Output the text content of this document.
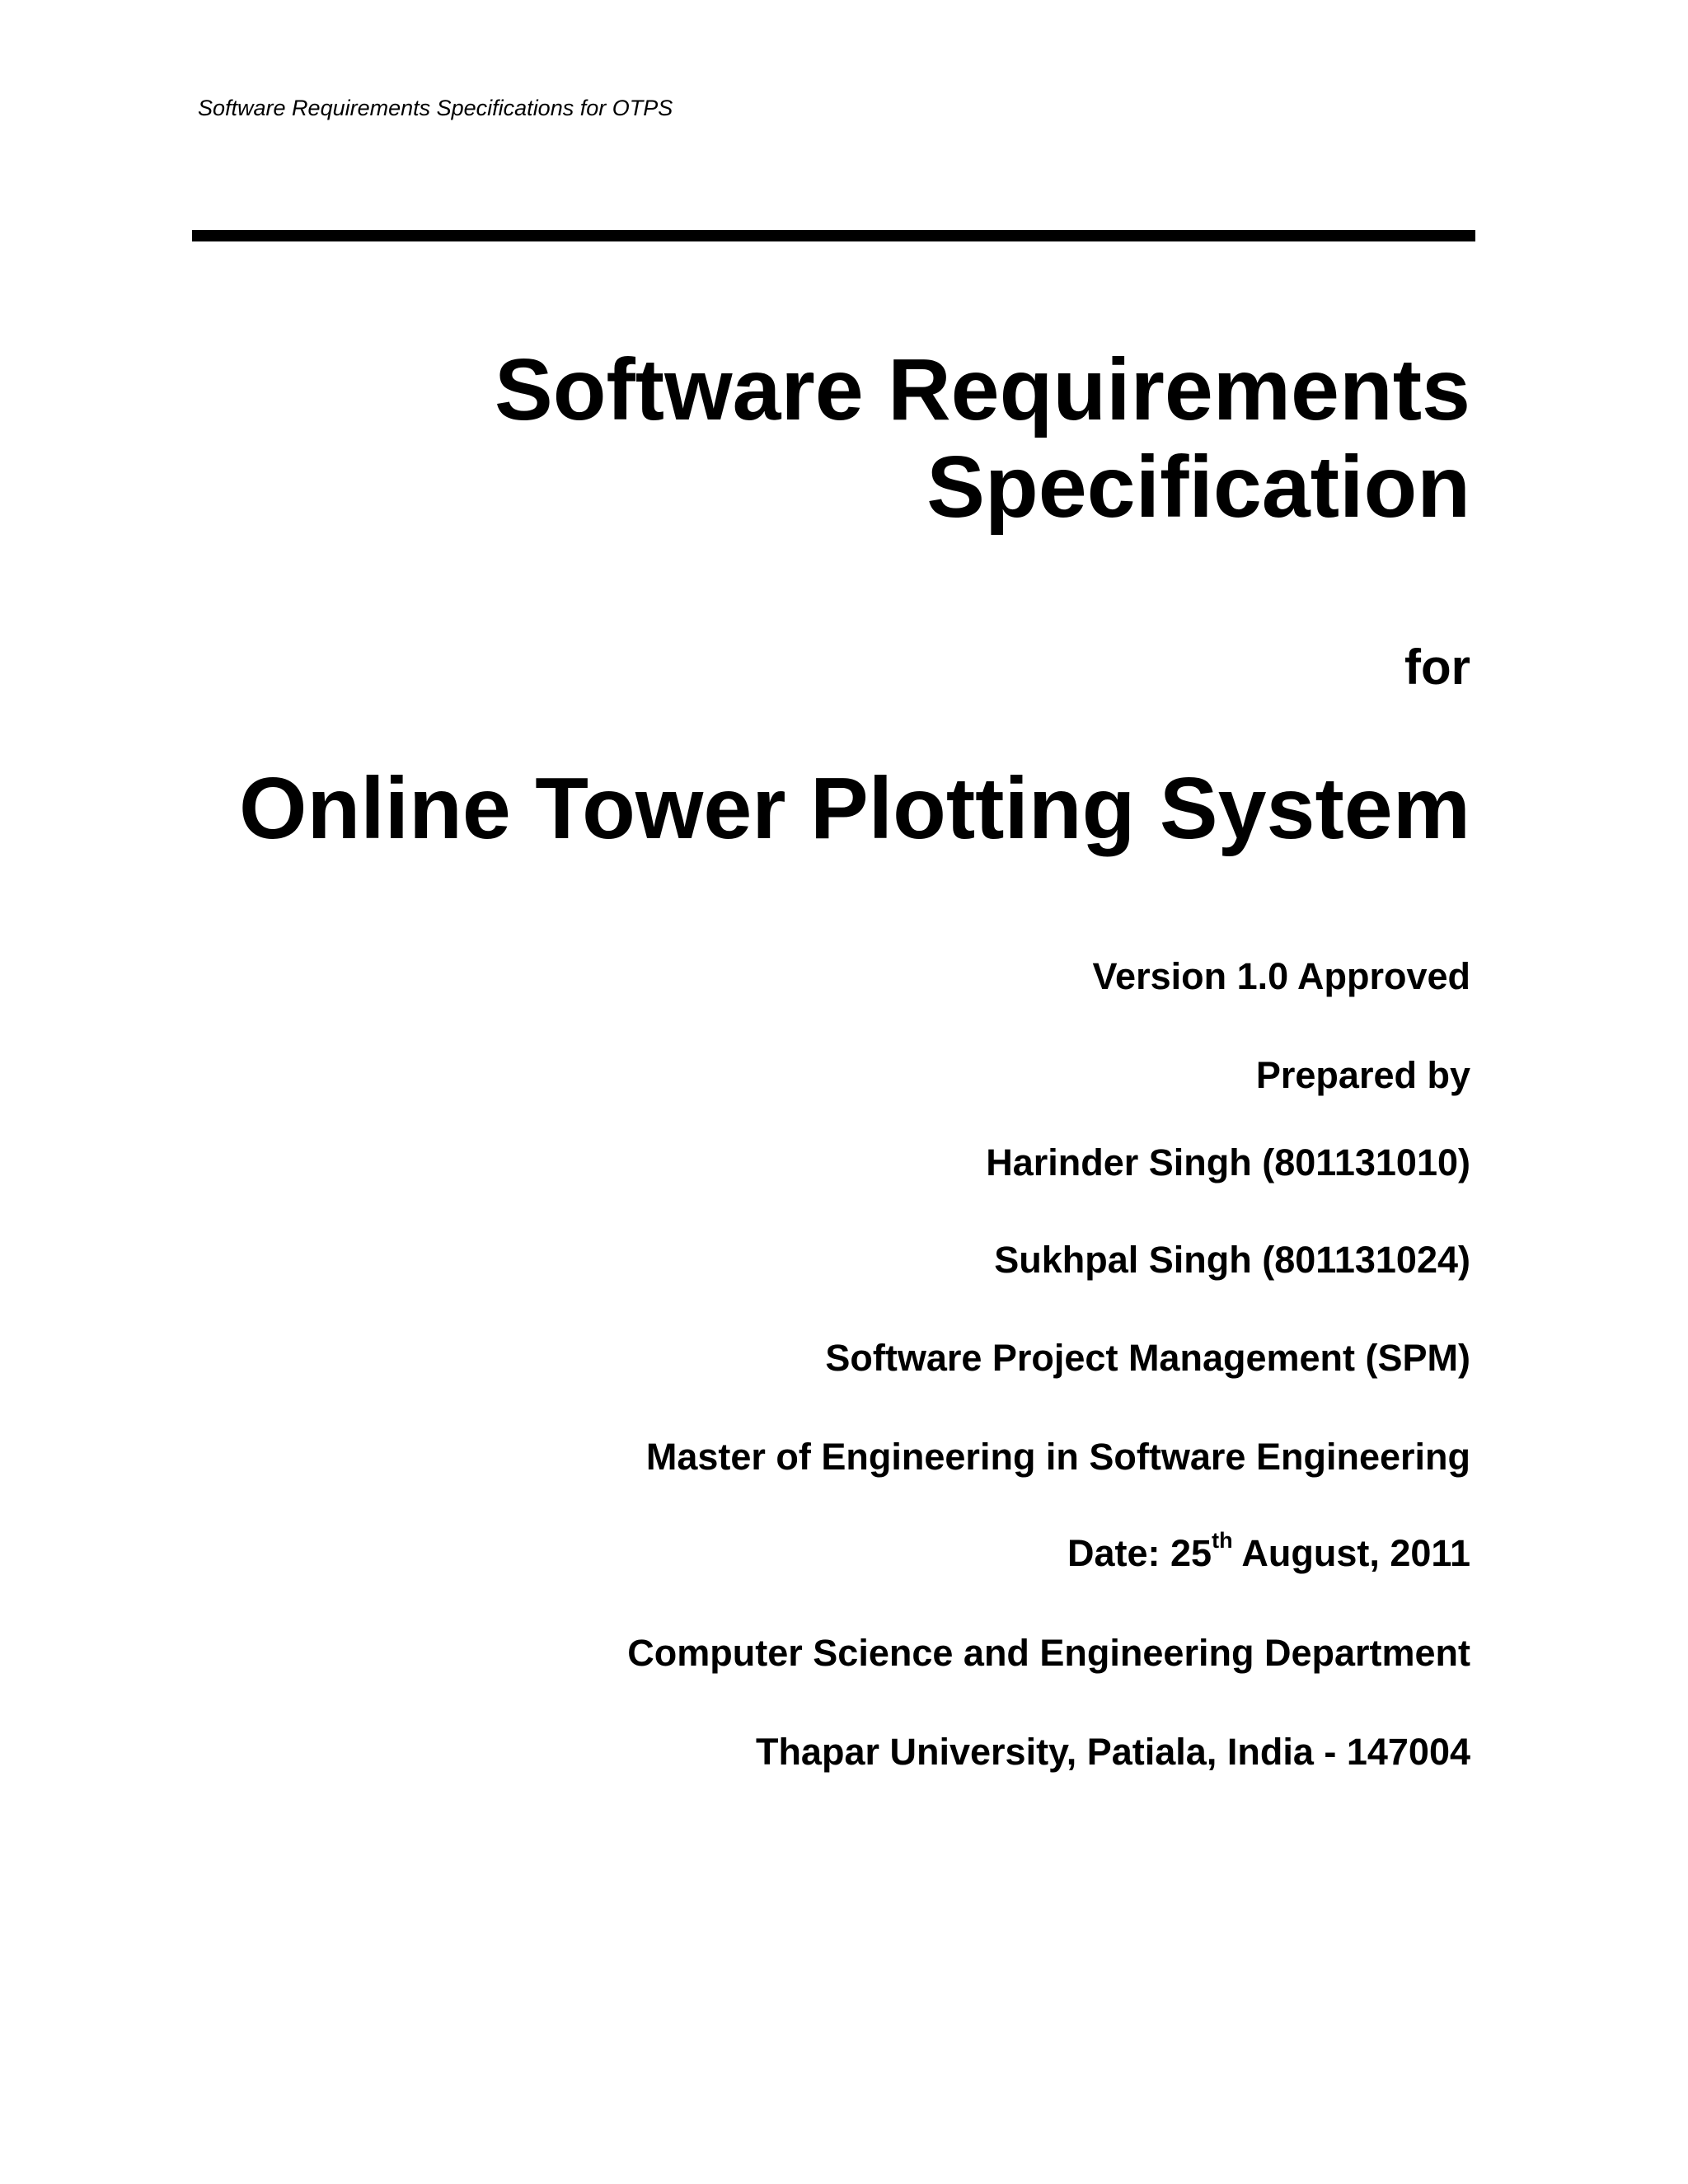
Software Requirements Specifications for OTPS
Software Requirements
Specification
for
Online Tower Plotting System
Version 1.0 Approved
Prepared by
Harinder Singh (801131010)
Sukhpal Singh (801131024)
Software Project Management (SPM)
Master of Engineering in Software Engineering
Date: 25th August, 2011
Computer Science and Engineering Department
Thapar University, Patiala, India - 147004
